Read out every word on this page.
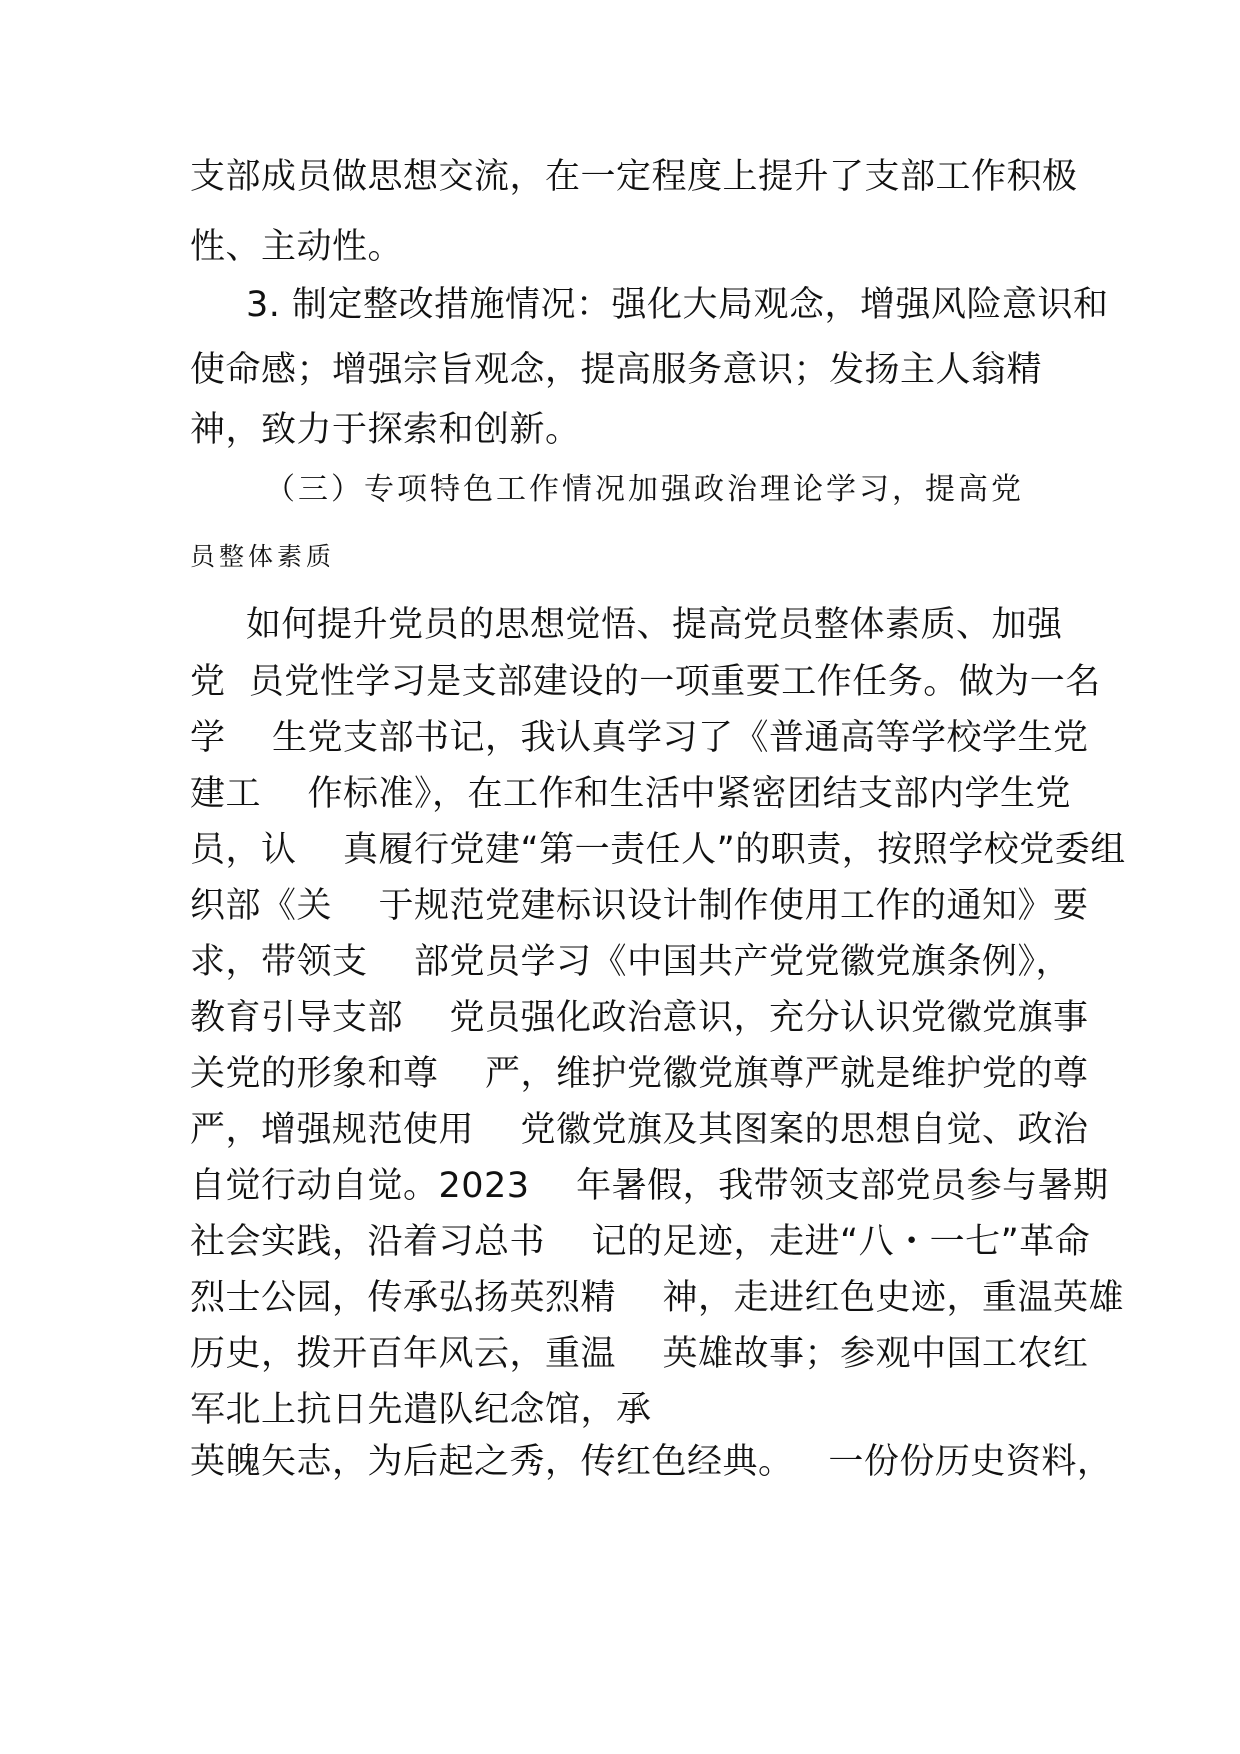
支部成员做思想交流，在一定程度上提升了支部工作积极

性、主动性。

3. 制定整改措施情况：强化大局观念，增强风险意识和

使命感；增强宗旨观念，提高服务意识；发扬主人翁精

神，致力于探索和创新。

（三）专项特色工作情况加强政治理论学习，提高党

员整体素质

如何提升党员的思想觉悟、提高党员整体素质、加强

党  员党性学习是支部建设的一项重要工作任务。做为一名

学    生党支部书记，我认真学习了《普通高等学校学生党

建工    作标准》，在工作和生活中紧密团结支部内学生党

员，认    真履行党建“第一责任人”的职责，按照学校党委组

织部《关    于规范党建标识设计制作使用工作的通知》要

求，带领支    部党员学习《中国共产党党徽党旗条例》，

教育引导支部    党员强化政治意识，充分认识党徽党旗事

关党的形象和尊    严，维护党徽党旗尊严就是维护党的尊

严，增强规范使用    党徽党旗及其图案的思想自觉、政治

自觉行动自觉。2023    年暑假，我带领支部党员参与暑期

社会实践，沿着习总书    记的足迹，走进“八・一七”革命

烈士公园，传承弘扬英烈精    神，走进红色史迹，重温英雄

历史，拨开百年风云，重温    英雄故事；参观中国工农红

军北上抗日先遣队纪念馆，承

英魄矢志，为后起之秀，传红色经典。   一份份历史资料，
